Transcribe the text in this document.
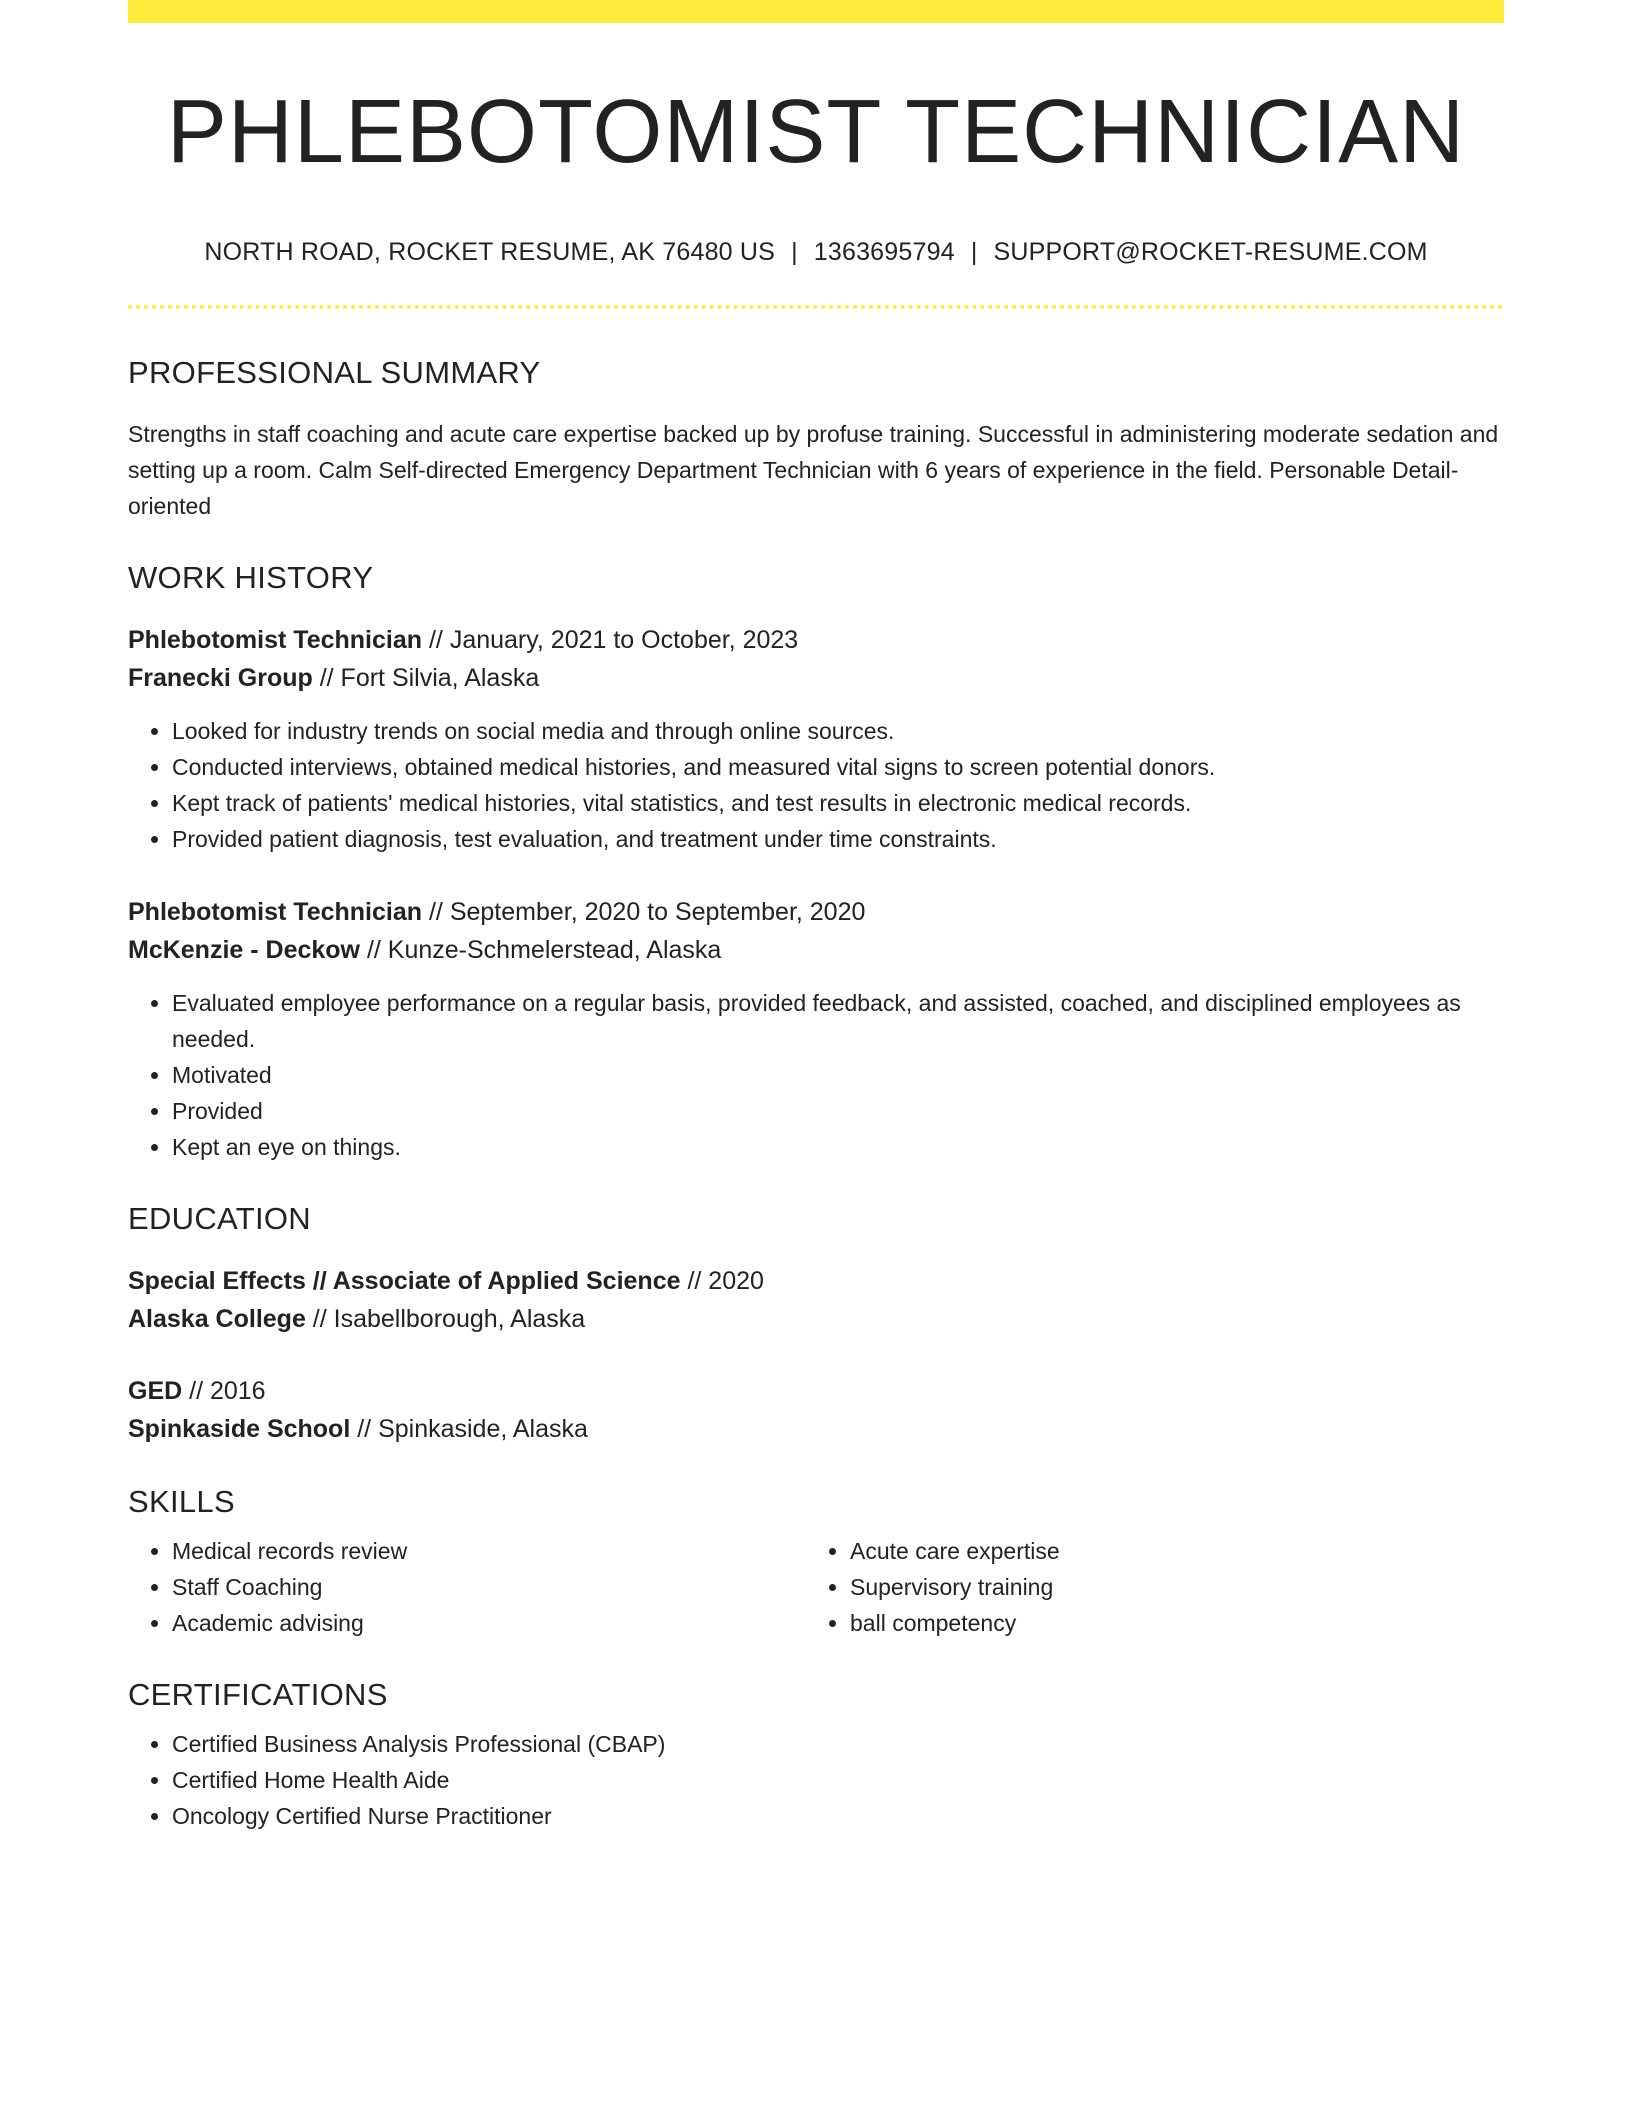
PHLEBOTOMIST TECHNICIAN
NORTH ROAD, ROCKET RESUME, AK 76480 US | 1363695794 | SUPPORT@ROCKET-RESUME.COM
PROFESSIONAL SUMMARY
Strengths in staff coaching and acute care expertise backed up by profuse training. Successful in administering moderate sedation and setting up a room. Calm Self-directed Emergency Department Technician with 6 years of experience in the field. Personable Detail-oriented
WORK HISTORY
Phlebotomist Technician // January, 2021 to October, 2023
Franecki Group // Fort Silvia, Alaska
• Looked for industry trends on social media and through online sources.
• Conducted interviews, obtained medical histories, and measured vital signs to screen potential donors.
• Kept track of patients' medical histories, vital statistics, and test results in electronic medical records.
• Provided patient diagnosis, test evaluation, and treatment under time constraints.
Phlebotomist Technician // September, 2020 to September, 2020
McKenzie - Deckow // Kunze-Schmelerstead, Alaska
• Evaluated employee performance on a regular basis, provided feedback, and assisted, coached, and disciplined employees as needed.
• Motivated
• Provided
• Kept an eye on things.
EDUCATION
Special Effects // Associate of Applied Science // 2020
Alaska College // Isabellborough, Alaska
GED // 2016
Spinkaside School // Spinkaside, Alaska
SKILLS
• Medical records review
• Staff Coaching
• Academic advising
• Acute care expertise
• Supervisory training
• ball competency
CERTIFICATIONS
• Certified Business Analysis Professional (CBAP)
• Certified Home Health Aide
• Oncology Certified Nurse Practitioner
